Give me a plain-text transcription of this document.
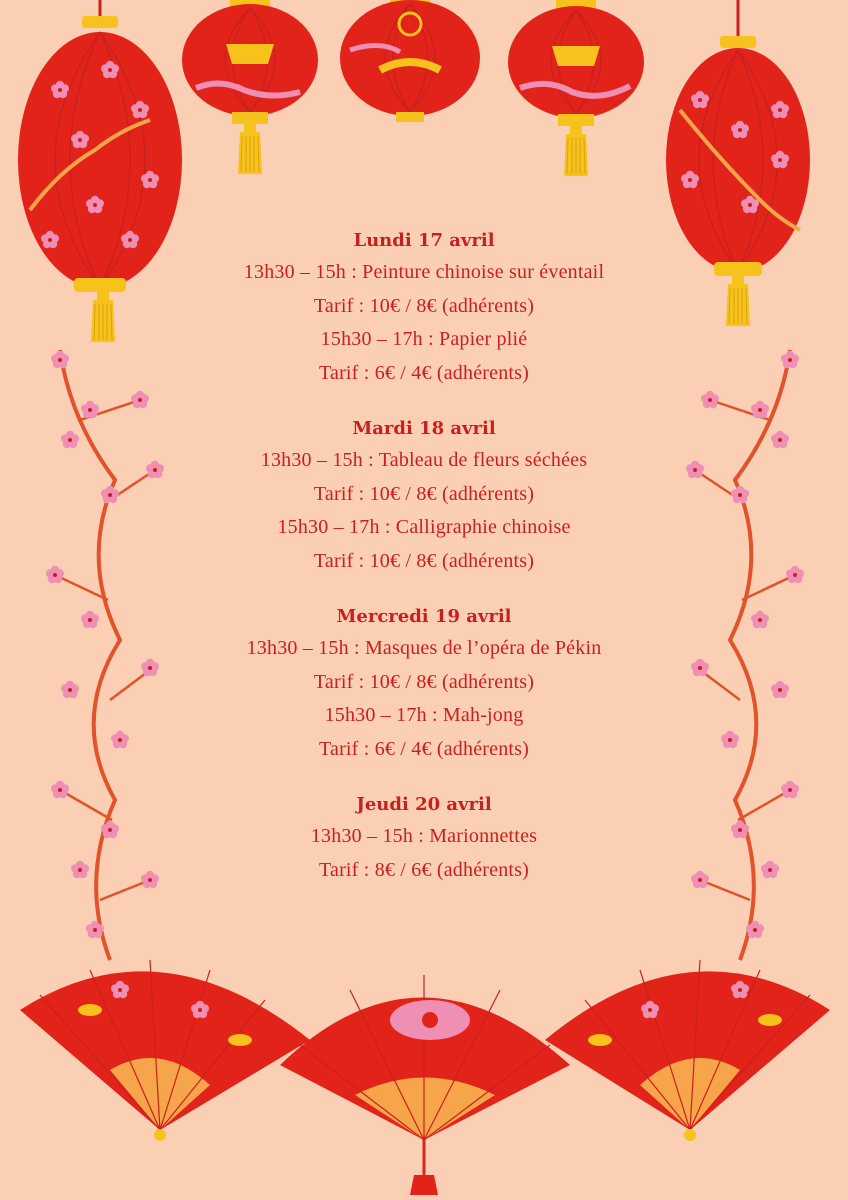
Lundi 17 avril

13h30 – 15h : Peinture chinoise sur éventail

Tarif : 10€ / 8€ (adhérents)

15h30 – 17h : Papier plié

Tarif : 6€ / 4€ (adhérents)

Mardi 18 avril

13h30 – 15h : Tableau de fleurs séchées

Tarif : 10€ / 8€ (adhérents)

15h30 – 17h : Calligraphie chinoise

Tarif : 10€ / 8€ (adhérents)

Mercredi 19 avril

13h30 – 15h : Masques de l’opéra de Pékin

Tarif : 10€ / 8€ (adhérents)

15h30 – 17h : Mah-jong

Tarif : 6€ / 4€ (adhérents)

Jeudi 20 avril

13h30 – 15h : Marionnettes

Tarif : 8€ / 6€ (adhérents)
